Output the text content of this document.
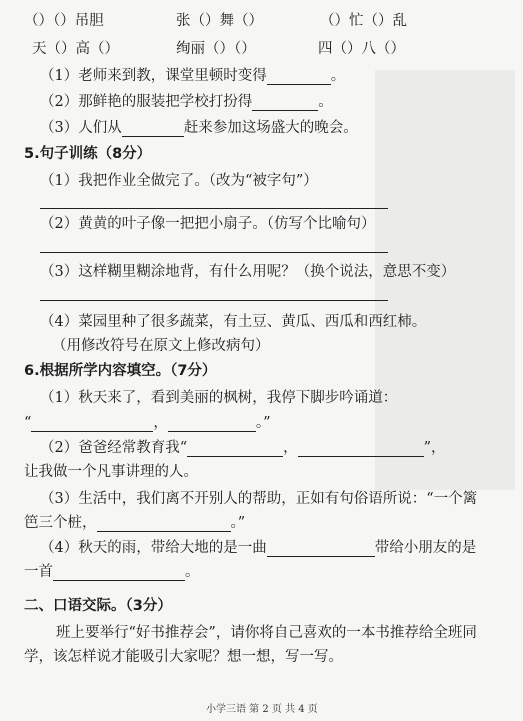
（）（）吊胆	张（）舞（）	（）忙（）乱
天（）高（）	绚丽（）（）	四（）八（）
（1）老师来到教，课堂里顿时变得	。
（2）那鲜艳的服装把学校打扮得	。
（3）人们从	赶来参加这场盛大的晚会。
5.句子训练（8分）
（1）我把作业全做完了。（改为“被字句”）
（2）黄黄的叶子像一把把小扇子。（仿写个比喻句）
（3）这样糊里糊涂地背，有什么用呢？（换个说法，意思不变）
（4）菜园里种了很多蔬菜，有土豆、黄瓜、西瓜和西红柿。
（用修改符号在原文上修改病句）
6.根据所学内容填空。（7分）
（1）秋天来了，看到美丽的枫树，我停下脚步吟诵道：
“	，	。”
（2）爸爸经常教育我“	，	”，
让我做一个凡事讲理的人。
（3）生活中，我们离不开别人的帮助，正如有句俗语所说：“一个篱
笆三个桩，	。”
（4）秋天的雨，带给大地的是一曲	带给小朋友的是
一首	。
二、口语交际。（3分）
班上要举行“好书推荐会”，请你将自己喜欢的一本书推荐给全班同
学，该怎样说才能吸引大家呢？想一想，写一写。
小学三语 第 2 页 共 4 页
